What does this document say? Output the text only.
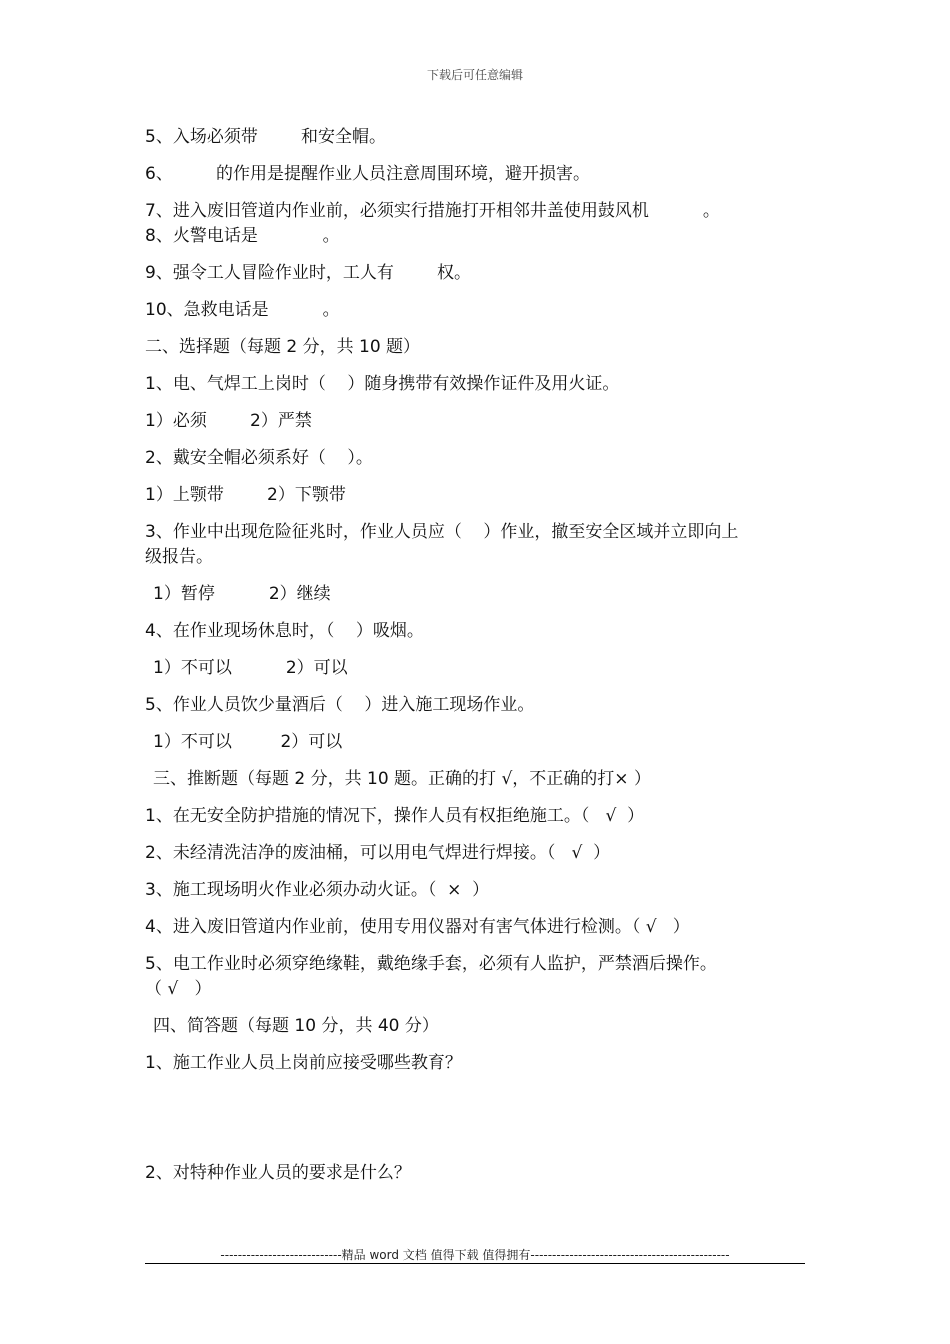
下载后可任意编辑
5、入场必须带        和安全帽。
6、        的作用是提醒作业人员注意周围环境，避开损害。
7、进入废旧管道内作业前，必须实行措施打开相邻井盖使用鼓风机          。
8、火警电话是            。
9、强令工人冒险作业时，工人有        权。
10、急救电话是          。
二、选择题（每题 2 分，共 10 题）
1、电、气焊工上岗时（    ）随身携带有效操作证件及用火证。
1）必须        2）严禁
2、戴安全帽必须系好（    ）。
1）上颚带        2）下颚带
3、作业中出现危险征兆时，作业人员应（    ）作业，撤至安全区域并立即向上
级报告。
1）暂停          2）继续
4、在作业现场休息时，（    ）吸烟。
1）不可以          2）可以
5、作业人员饮少量酒后（    ）进入施工现场作业。
1）不可以         2）可以
三、推断题（每题 2 分，共 10 题。正确的打 √，不正确的打× ）
1、在无安全防护措施的情况下，操作人员有权拒绝施工。（   √  ）
2、未经清洗洁净的废油桶，可以用电气焊进行焊接。（   √  ）
3、施工现场明火作业必须办动火证。（  ×  ）
4、进入废旧管道内作业前，使用专用仪器对有害气体进行检测。（ √   ）
5、电工作业时必须穿绝缘鞋，戴绝缘手套，必须有人监护，严禁酒后操作。
（ √   ）
四、简答题（每题 10 分，共 40 分）
1、施工作业人员上岗前应接受哪些教育？
2、对特种作业人员的要求是什么？
----------------------------精品 word 文档 值得下载 值得拥有----------------------------------------------
